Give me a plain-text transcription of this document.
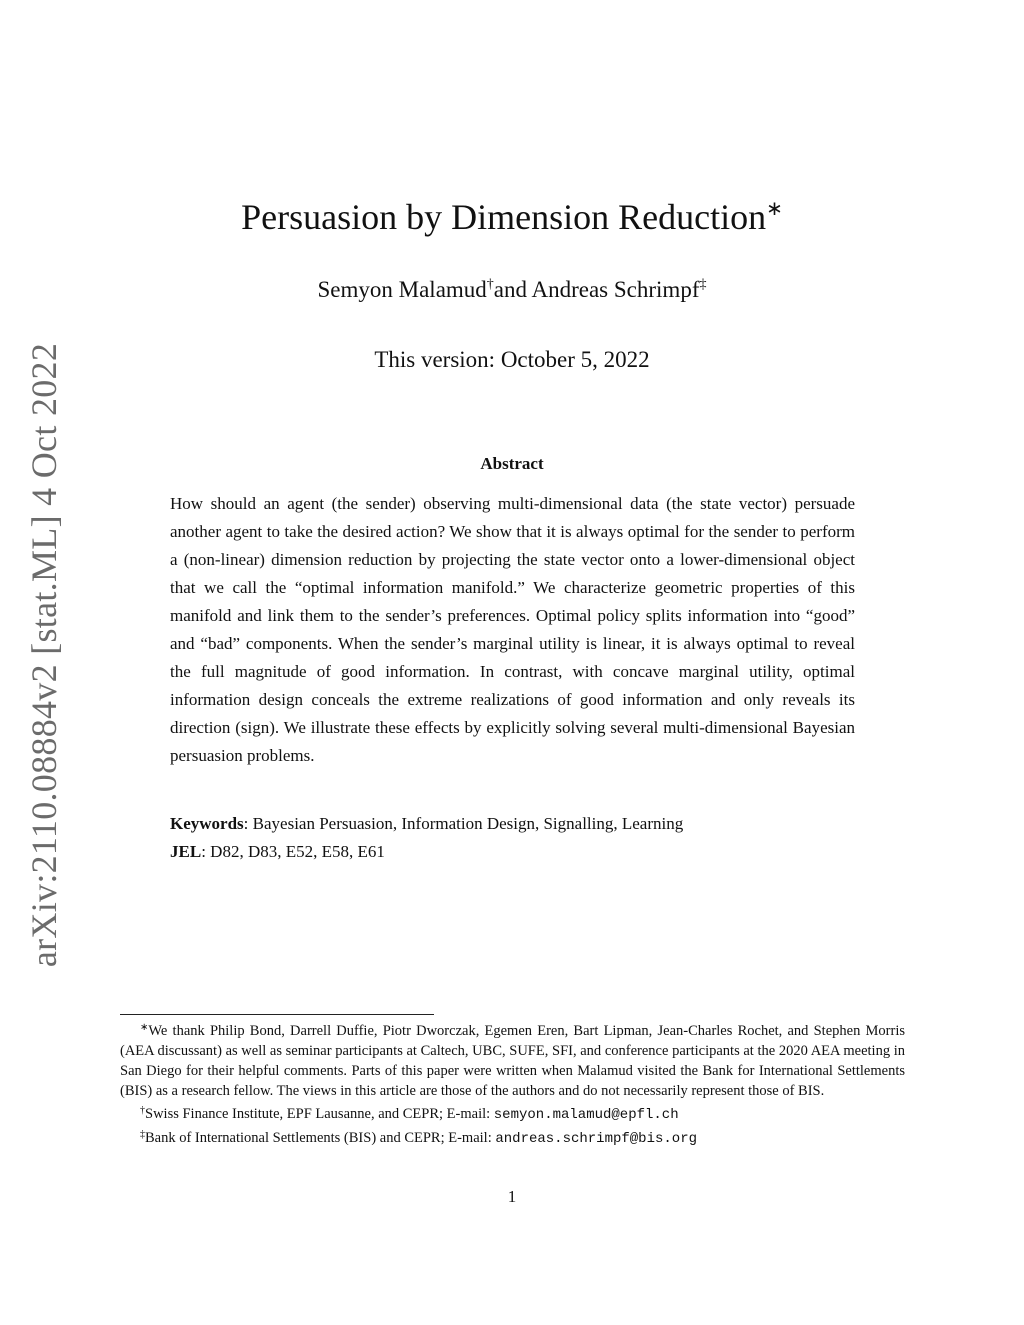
arXiv:2110.08884v2 [stat.ML] 4 Oct 2022
Persuasion by Dimension Reduction∗
Semyon Malamud†and Andreas Schrimpf‡
This version: October 5, 2022
Abstract

How should an agent (the sender) observing multi-dimensional data (the state vector) persuade another agent to take the desired action? We show that it is always optimal for the sender to perform a (non-linear) dimension reduction by projecting the state vector onto a lower-dimensional object that we call the “optimal information manifold.” We characterize geometric properties of this manifold and link them to the sender’s preferences. Optimal policy splits information into “good” and “bad” components. When the sender’s marginal utility is linear, it is always optimal to reveal the full magnitude of good information. In contrast, with concave marginal utility, optimal information design conceals the extreme realizations of good information and only reveals its direction (sign). We illustrate these effects by explicitly solving several multi-dimensional Bayesian persuasion problems.

Keywords: Bayesian Persuasion, Information Design, Signalling, Learning
JEL: D82, D83, E52, E58, E61

∗We thank Philip Bond, Darrell Duffie, Piotr Dworczak, Egemen Eren, Bart Lipman, Jean-Charles Rochet, and Stephen Morris (AEA discussant) as well as seminar participants at Caltech, UBC, SUFE, SFI, and conference participants at the 2020 AEA meeting in San Diego for their helpful comments. Parts of this paper were written when Malamud visited the Bank for International Settlements (BIS) as a research fellow. The views in this article are those of the authors and do not necessarily represent those of BIS.

†Swiss Finance Institute, EPF Lausanne, and CEPR; E-mail: semyon.malamud@epfl.ch

‡Bank of International Settlements (BIS) and CEPR; E-mail: andreas.schrimpf@bis.org

1
